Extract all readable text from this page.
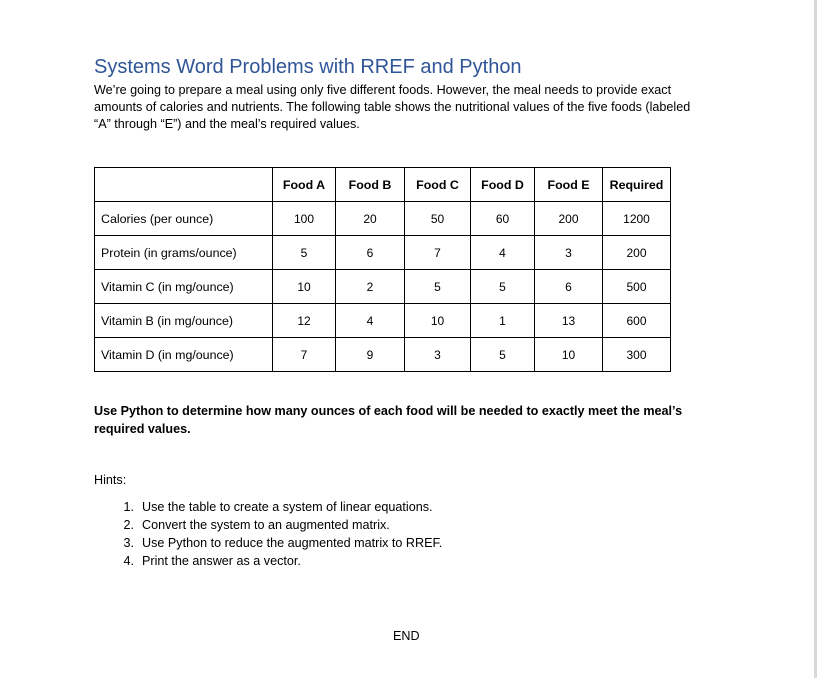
Systems Word Problems with RREF and Python

We’re going to prepare a meal using only five different foods. However, the meal needs to provide exact amounts of calories and nutrients. The following table shows the nutritional values of the five foods (labeled “A” through “E”) and the meal’s required values.

	Food A	Food B	Food C	Food D	Food E	Required
Calories (per ounce)	100	20	50	60	200	1200
Protein (in grams/ounce)	5	6	7	4	3	200
Vitamin C (in mg/ounce)	10	2	5	5	6	500
Vitamin B (in mg/ounce)	12	4	10	1	13	600
Vitamin D (in mg/ounce)	7	9	3	5	10	300

Use Python to determine how many ounces of each food will be needed to exactly meet the meal’s required values.

Hints:

1. Use the table to create a system of linear equations.
2. Convert the system to an augmented matrix.
3. Use Python to reduce the augmented matrix to RREF.
4. Print the answer as a vector.

END
